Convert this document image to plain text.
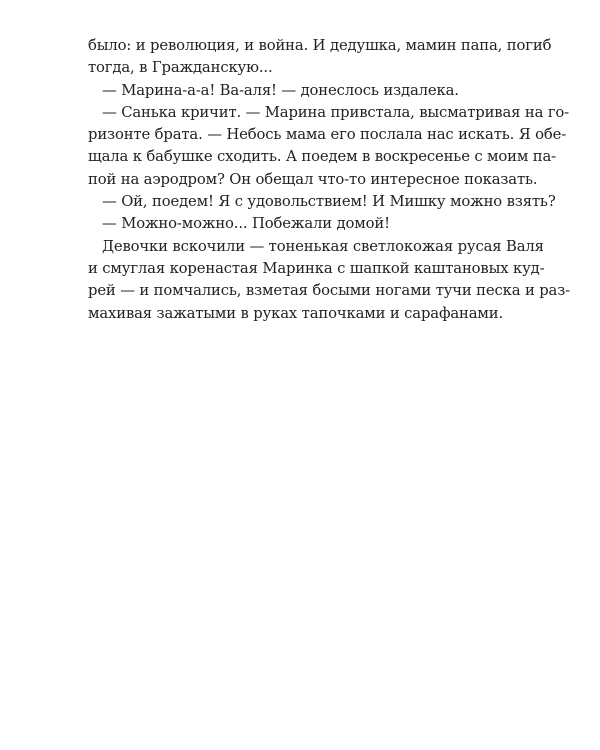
было: и революция, и война. И дедушка, мамин папа, погиб
тогда, в Гражданскую...
— Марина-а-а! Ва-аля! — донеслось издалека.
— Санька кричит. — Марина привстала, высматривая на го-
ризонте брата. — Небось мама его послала нас искать. Я обе-
щала к бабушке сходить. А поедем в воскресенье с моим па-
пой на аэродром? Он обещал что-то интересное показать.
— Ой, поедем! Я с удовольствием! И Мишку можно взять?
— Можно-можно... Побежали домой!
Девочки вскочили — тоненькая светлокожая русая Валя
и смуглая коренастая Маринка с шапкой каштановых куд-
рей — и помчались, взметая босыми ногами тучи песка и раз-
махивая зажатыми в руках тапочками и сарафанами.
